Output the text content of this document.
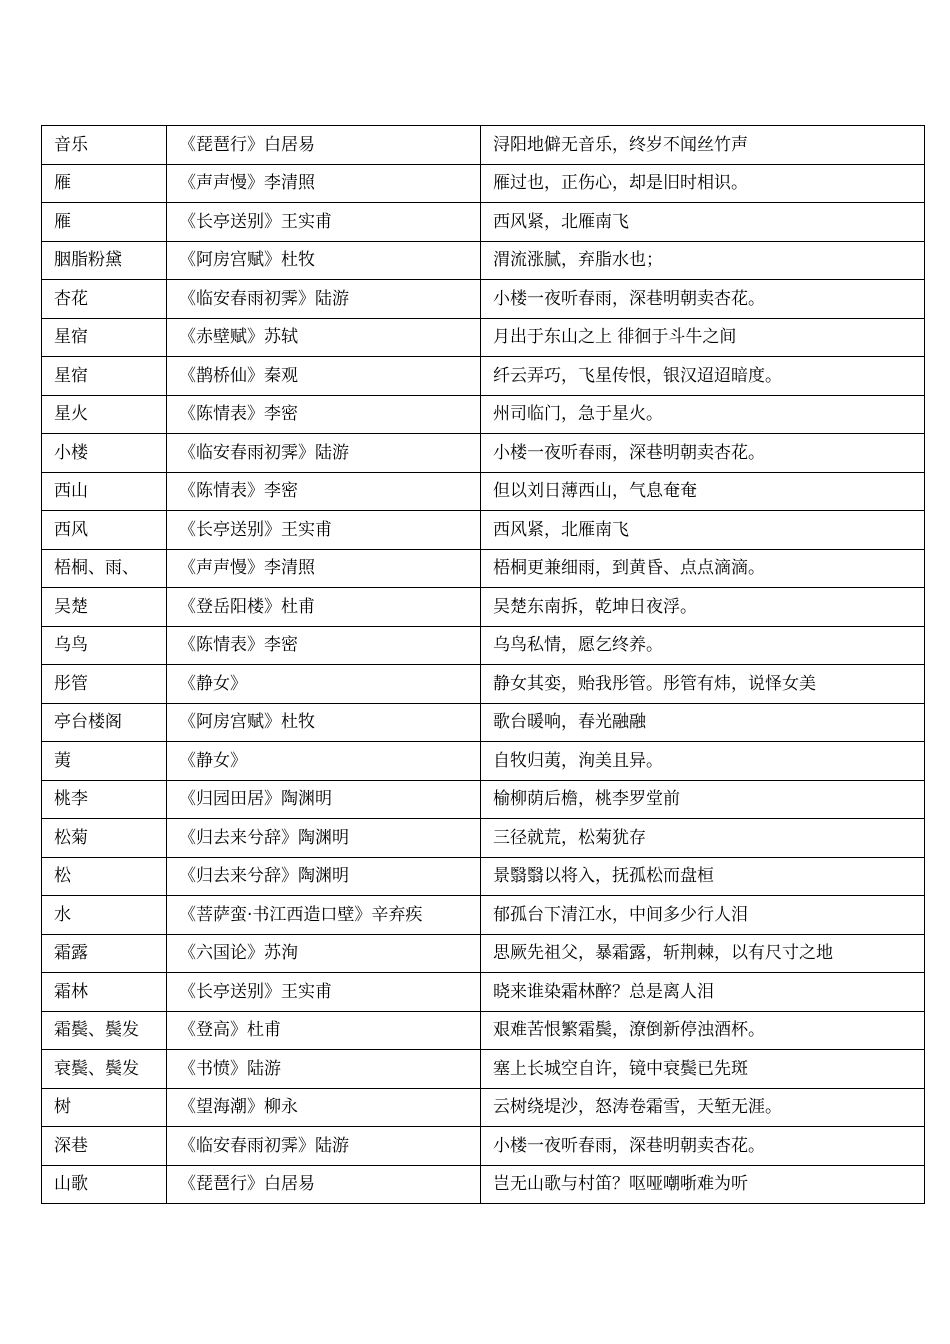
音乐	《琵琶行》白居易	浔阳地僻无音乐，终岁不闻丝竹声
雁	《声声慢》李清照	雁过也，正伤心，却是旧时相识。
雁	《长亭送别》王实甫	西风紧，北雁南飞
胭脂粉黛	《阿房宫赋》杜牧	渭流涨腻，弃脂水也；
杏花	《临安春雨初霁》陆游	小楼一夜听春雨，深巷明朝卖杏花。
星宿	《赤壁赋》苏轼	月出于东山之上 徘徊于斗牛之间
星宿	《鹊桥仙》秦观	纤云弄巧，飞星传恨，银汉迢迢暗度。
星火	《陈情表》李密	州司临门，急于星火。
小楼	《临安春雨初霁》陆游	小楼一夜听春雨，深巷明朝卖杏花。
西山	《陈情表》李密	但以刘日薄西山，气息奄奄
西风	《长亭送别》王实甫	西风紧，北雁南飞
梧桐、雨、	《声声慢》李清照	梧桐更兼细雨，到黄昏、点点滴滴。
吴楚	《登岳阳楼》杜甫	吴楚东南拆，乾坤日夜浮。
乌鸟	《陈情表》李密	乌鸟私情，愿乞终养。
彤管	《静女》	静女其娈，贻我彤管。彤管有炜，说怿女美
亭台楼阁	《阿房宫赋》杜牧	歌台暖响，春光融融
荑	《静女》	自牧归荑，洵美且异。
桃李	《归园田居》陶渊明	榆柳荫后檐，桃李罗堂前
松菊	《归去来兮辞》陶渊明	三径就荒，松菊犹存
松	《归去来兮辞》陶渊明	景翳翳以将入，抚孤松而盘桓
水	《菩萨蛮·书江西造口壁》辛弃疾	郁孤台下清江水，中间多少行人泪
霜露	《六国论》苏洵	思厥先祖父，暴霜露，斩荆棘，以有尺寸之地
霜林	《长亭送别》王实甫	晓来谁染霜林醉？总是离人泪
霜鬓、鬓发	《登高》杜甫	艰难苦恨繁霜鬓，潦倒新停浊酒杯。
衰鬓、鬓发	《书愤》陆游	塞上长城空自许，镜中衰鬓已先斑
树	《望海潮》柳永	云树绕堤沙，怒涛卷霜雪，天堑无涯。
深巷	《临安春雨初霁》陆游	小楼一夜听春雨，深巷明朝卖杏花。
山歌	《琵琶行》白居易	岂无山歌与村笛？呕哑嘲哳难为听
